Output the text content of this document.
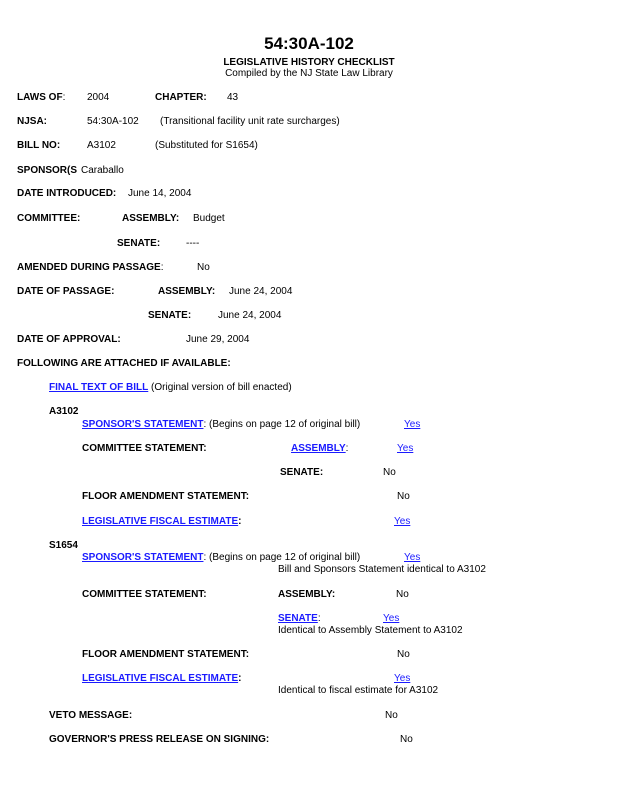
54:30A-102
LEGISLATIVE HISTORY CHECKLIST
Compiled by the NJ State Law Library
LAWS OF: 2004	CHAPTER: 43
NJSA:	54:30A-102 (Transitional facility unit rate surcharges)
BILL NO:	A3102	(Substituted for S1654)
SPONSOR(S Caraballo
DATE INTRODUCED: June 14, 2004
COMMITTEE:	ASSEMBLY: Budget
SENATE:	----
AMENDED DURING PASSAGE:	No
DATE OF PASSAGE:	ASSEMBLY: June 24, 2004
SENATE:	June 24, 2004
DATE OF APPROVAL:	June 29, 2004
FOLLOWING ARE ATTACHED IF AVAILABLE:
FINAL TEXT OF BILL (Original version of bill enacted)
A3102
SPONSOR'S STATEMENT: (Begins on page 12 of original bill)	Yes
COMMITTEE STATEMENT:	ASSEMBLY:	Yes
SENATE:	No
FLOOR AMENDMENT STATEMENT:	No
LEGISLATIVE FISCAL ESTIMATE:	Yes
S1654
SPONSOR'S STATEMENT: (Begins on page 12 of original bill)	Yes
Bill and Sponsors Statement identical to A3102
COMMITTEE STATEMENT:	ASSEMBLY:	No
SENATE:	Yes
Identical to Assembly Statement to A3102
FLOOR AMENDMENT STATEMENT:	No
LEGISLATIVE FISCAL ESTIMATE:	Yes
Identical to fiscal estimate for A3102
VETO MESSAGE:	No
GOVERNOR'S PRESS RELEASE ON SIGNING:	No
